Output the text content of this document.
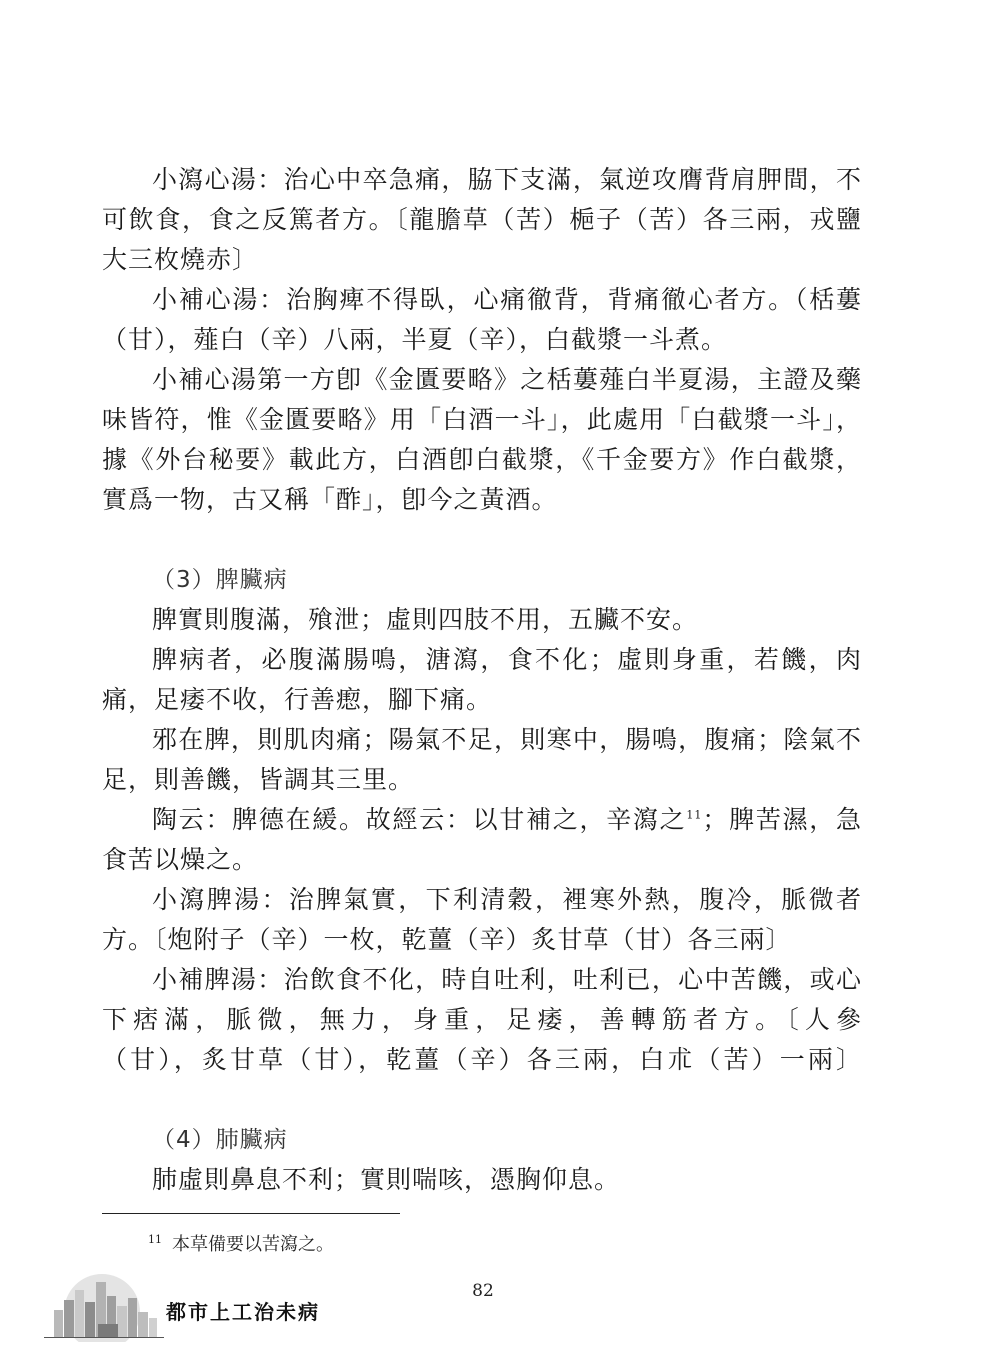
小瀉心湯：治心中卒急痛，脇下支滿，氣逆攻膺背肩胛間，不可飲食，食之反篤者方。〔龍膽草（苦）梔子（苦）各三兩，戎鹽大三枚燒赤〕

小補心湯：治胸痺不得臥，心痛徹背，背痛徹心者方。（栝蔞（甘），薤白（辛）八兩，半夏（辛），白截漿一斗煮。

小補心湯第一方卽《金匱要略》之栝蔞薤白半夏湯，主證及藥味皆符，惟《金匱要略》用「白酒一斗」，此處用「白截漿一斗」，據《外台秘要》載此方，白酒卽白截漿，《千金要方》作白截漿，實爲一物，古又稱「酢」，卽今之黃酒。

（3）脾臟病

脾實則腹滿，飱泄；虛則四肢不用，五臟不安。

脾病者，必腹滿腸鳴，溏瀉，食不化；虛則身重，若饑，肉痛，足痿不收，行善瘛，腳下痛。

邪在脾，則肌肉痛；陽氣不足，則寒中，腸鳴，腹痛；陰氣不足，則善饑，皆調其三里。

陶云：脾德在緩。故經云：以甘補之，辛瀉之$^{11}$；脾苦濕，急食苦以燥之。

小瀉脾湯：治脾氣實，下利清穀，裡寒外熱，腹冷，脈微者方。〔炮附子（辛）一枚，乾薑（辛）炙甘草（甘）各三兩〕

小補脾湯：治飲食不化，時自吐利，吐利已，心中苦饑，或心
下痞滿，脈微，無力，身重，足痿，善轉筋者方。〔人參
（甘），炙甘草（甘），乾薑（辛）各三兩，白朮（苦）一兩〕

（4）肺臟病

肺虛則鼻息不利；實則喘咳，憑胸仰息。

$^{11}$ 本草備要以苦瀉之。
82
都市上工治未病
